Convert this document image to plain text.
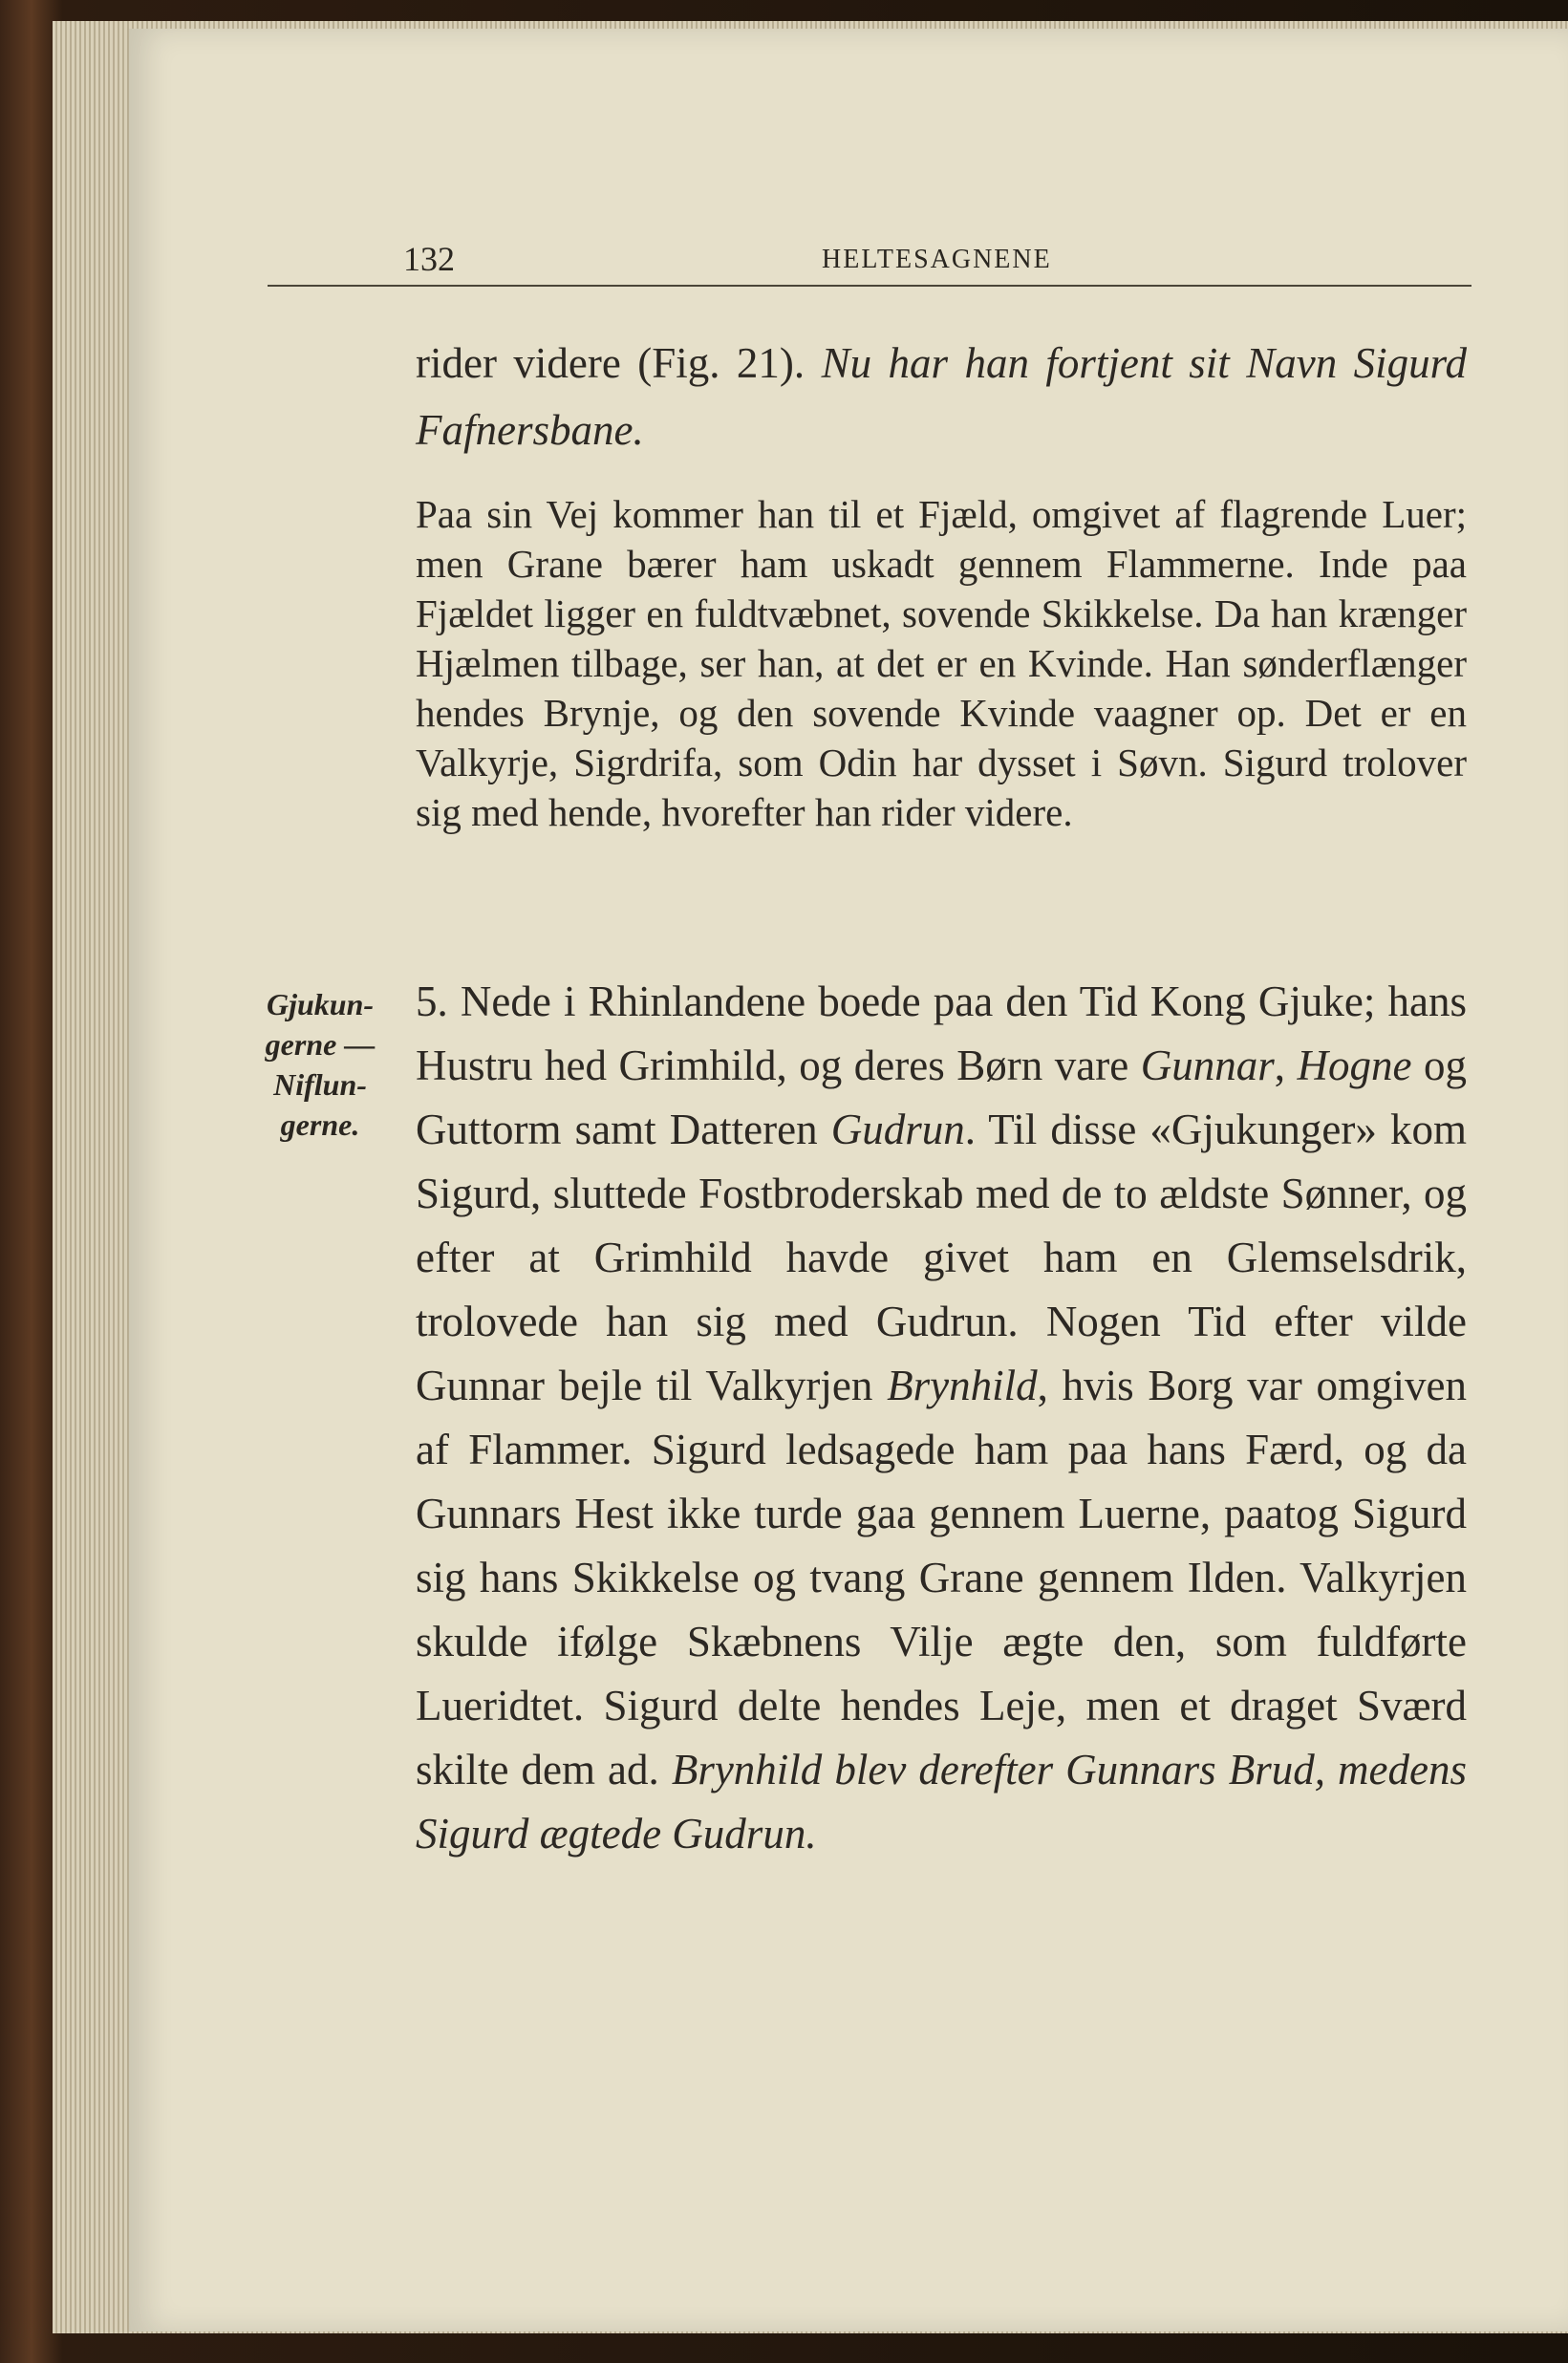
132	HELTESAGNENE

rider videre (Fig. 21). Nu har han fortjent sit Navn Sigurd Fafnersbane.

Paa sin Vej kommer han til et Fjæld, omgivet af flagrende Luer; men Grane bærer ham uskadt gennem Flammerne. Inde paa Fjældet ligger en fuldtvæbnet, sovende Skikkelse. Da han krænger Hjælmen tilbage, ser han, at det er en Kvinde. Han sønderflænger hendes Brynje, og den sovende Kvinde vaagner op. Det er en Valkyrje, Sigrdrifa, som Odin har dysset i Søvn. Sigurd trolover sig med hende, hvorefter han rider videre.

Gjukun-
gerne —
Niflun-
gerne.

5. Nede i Rhinlandene boede paa den Tid Kong Gjuke; hans Hustru hed Grimhild, og deres Børn vare Gunnar, Hogne og Guttorm samt Datteren Gudrun. Til disse «Gjukunger» kom Sigurd, sluttede Fostbroderskab med de to ældste Sønner, og efter at Grimhild havde givet ham en Glemselsdrik, trolovede han sig med Gudrun. Nogen Tid efter vilde Gunnar bejle til Valkyrjen Brynhild, hvis Borg var omgiven af Flammer. Sigurd ledsagede ham paa hans Færd, og da Gunnars Hest ikke turde gaa gennem Luerne, paatog Sigurd sig hans Skikkelse og tvang Grane gennem Ilden. Valkyrjen skulde ifølge Skæbnens Vilje ægte den, som fuldførte Lueridtet. Sigurd delte hendes Leje, men et draget Sværd skilte dem ad. Brynhild blev derefter Gunnars Brud, medens Sigurd ægtede Gudrun.
